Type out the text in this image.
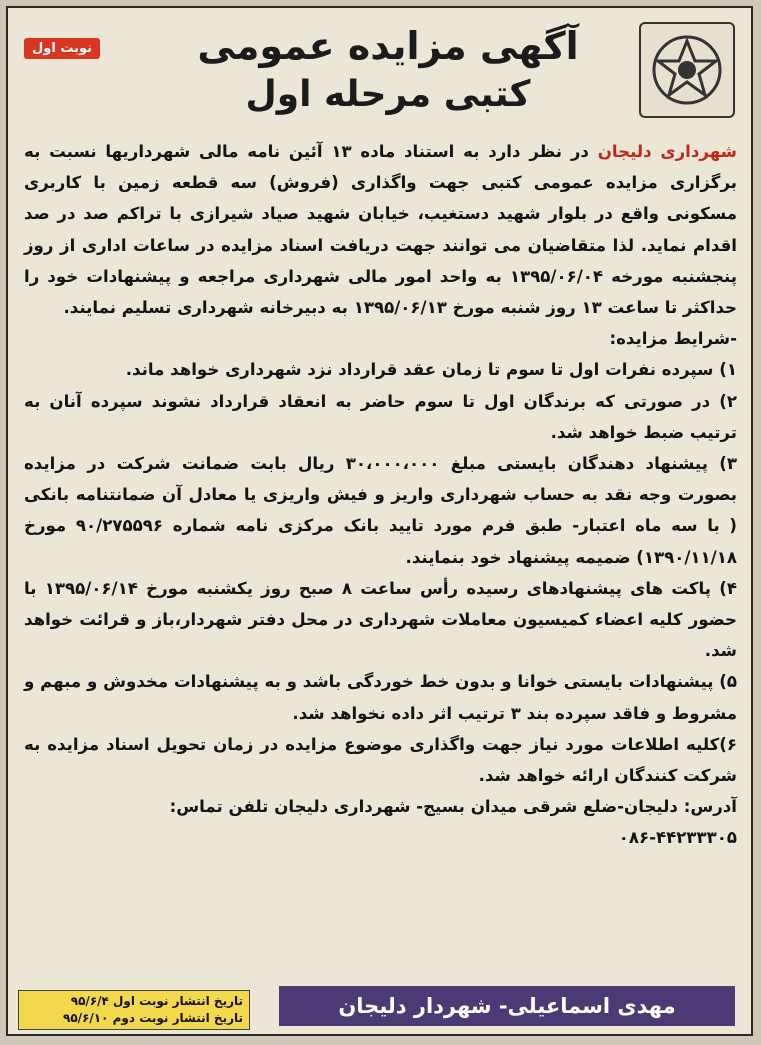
نوبت اول	آگهی مزایده عمومی
کتبی مرحله اول

شهرداری دلیجان در نظر دارد به استناد ماده ۱۳ آئین نامه مالی شهرداریها نسبت به برگزاری مزایده عمومی کتبی جهت واگذاری (فروش) سه قطعه زمین با کاربری مسکونی واقع در بلوار شهید دستغیب، خیابان شهید صیاد شیرازی با تراکم صد در صد اقدام نماید. لذا متقاضیان می توانند جهت دریافت اسناد مزایده در ساعات اداری از روز پنجشنبه مورخه ۱۳۹۵/۰۶/۰۴ به واحد امور مالی شهرداری مراجعه و پیشنهادات خود را حداکثر تا ساعت ۱۳ روز شنبه مورخ ۱۳۹۵/۰۶/۱۳ به دبیرخانه شهرداری تسلیم نمایند.

-شرایط مزایده:

۱) سپرده نفرات اول تا سوم تا زمان عقد قرارداد نزد شهرداری خواهد ماند.

۲) در صورتی که برندگان اول تا سوم حاضر به انعقاد قرارداد نشوند سپرده آنان به ترتیب ضبط خواهد شد.

۳) پیشنهاد دهندگان بایستی مبلغ ۳۰،۰۰۰،۰۰۰ ریال بابت ضمانت شرکت در مزایده بصورت وجه نقد به حساب شهرداری واریز و فیش واریزی یا معادل آن ضمانتنامه بانکی ( با سه ماه اعتبار- طبق فرم مورد تایید بانک مرکزی نامه شماره ۹۰/۲۷۵۵۹۶ مورخ ۱۳۹۰/۱۱/۱۸) ضمیمه پیشنهاد خود بنمایند.

۴) پاکت های پیشنهادهای رسیده رأس ساعت ۸ صبح روز یکشنبه مورخ ۱۳۹۵/۰۶/۱۴ با حضور کلیه اعضاء کمیسیون معاملات شهرداری در محل دفتر شهردار،باز و قرائت خواهد شد.

۵) پیشنهادات بایستی خوانا و بدون خط خوردگی باشد و به پیشنهادات مخدوش و مبهم و مشروط و فاقد سپرده بند ۳ ترتیب اثر داده نخواهد شد.

۶)کلیه اطلاعات مورد نیاز جهت واگذاری موضوع مزایده در زمان تحویل اسناد مزایده به شرکت کنندگان ارائه خواهد شد.

آدرس: دلیجان-ضلع شرقی میدان بسیج- شهرداری دلیجان تلفن تماس:

۰۸۶-۴۴۲۳۳۳۰۵

تاریخ انتشار نوبت اول ۹۵/۶/۴
تاریخ انتشار نوبت دوم ۹۵/۶/۱۰	مهدی اسماعیلی- شهردار دلیجان
